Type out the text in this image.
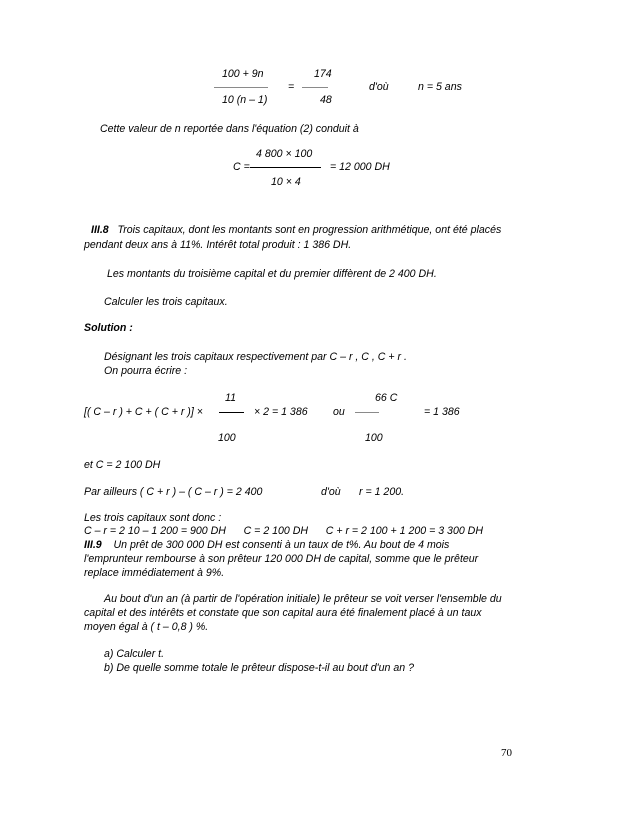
100 + 9n
10 (n – 1)
=
174
48
d'où	n = 5 ans
Cette valeur de n reportée dans l'équation (2) conduit à
4 800 × 100
C =	= 12 000 DH
10 × 4
III.8 Trois capitaux, dont les montants sont en progression arithmétique, ont été placés
pendant deux ans à 11%. Intérêt total produit : 1 386 DH.
Les montants du troisième capital et du premier diffèrent de 2 400 DH.
Calculer les trois capitaux.
Solution :
Désignant les trois capitaux respectivement par C – r , C , C + r .
On pourra écrire :
11	66 C
[( C – r ) + C + ( C + r )] ×	× 2 = 1 386 ou	= 1 386
100	100
et C = 2 100 DH
Par ailleurs ( C + r ) – ( C – r ) = 2 400	d'où r = 1 200.
Les trois capitaux sont donc :
C – r = 2 10 – 1 200 = 900 DH      C = 2 100 DH      C + r = 2 100 + 1 200 = 3 300 DH
III.9 Un prêt de 300 000 DH est consenti à un taux de t%. Au bout de 4 mois
l'emprunteur rembourse à son prêteur 120 000 DH de capital, somme que le prêteur
replace immédiatement à 9%.
Au bout d'un an (à partir de l'opération initiale) le prêteur se voit verser l'ensemble du
capital et des intérêts et constate que son capital aura été finalement placé à un taux
moyen égal à ( t – 0,8 ) %.
a) Calculer t.
b) De quelle somme totale le prêteur dispose-t-il au bout d'un an ?
70
